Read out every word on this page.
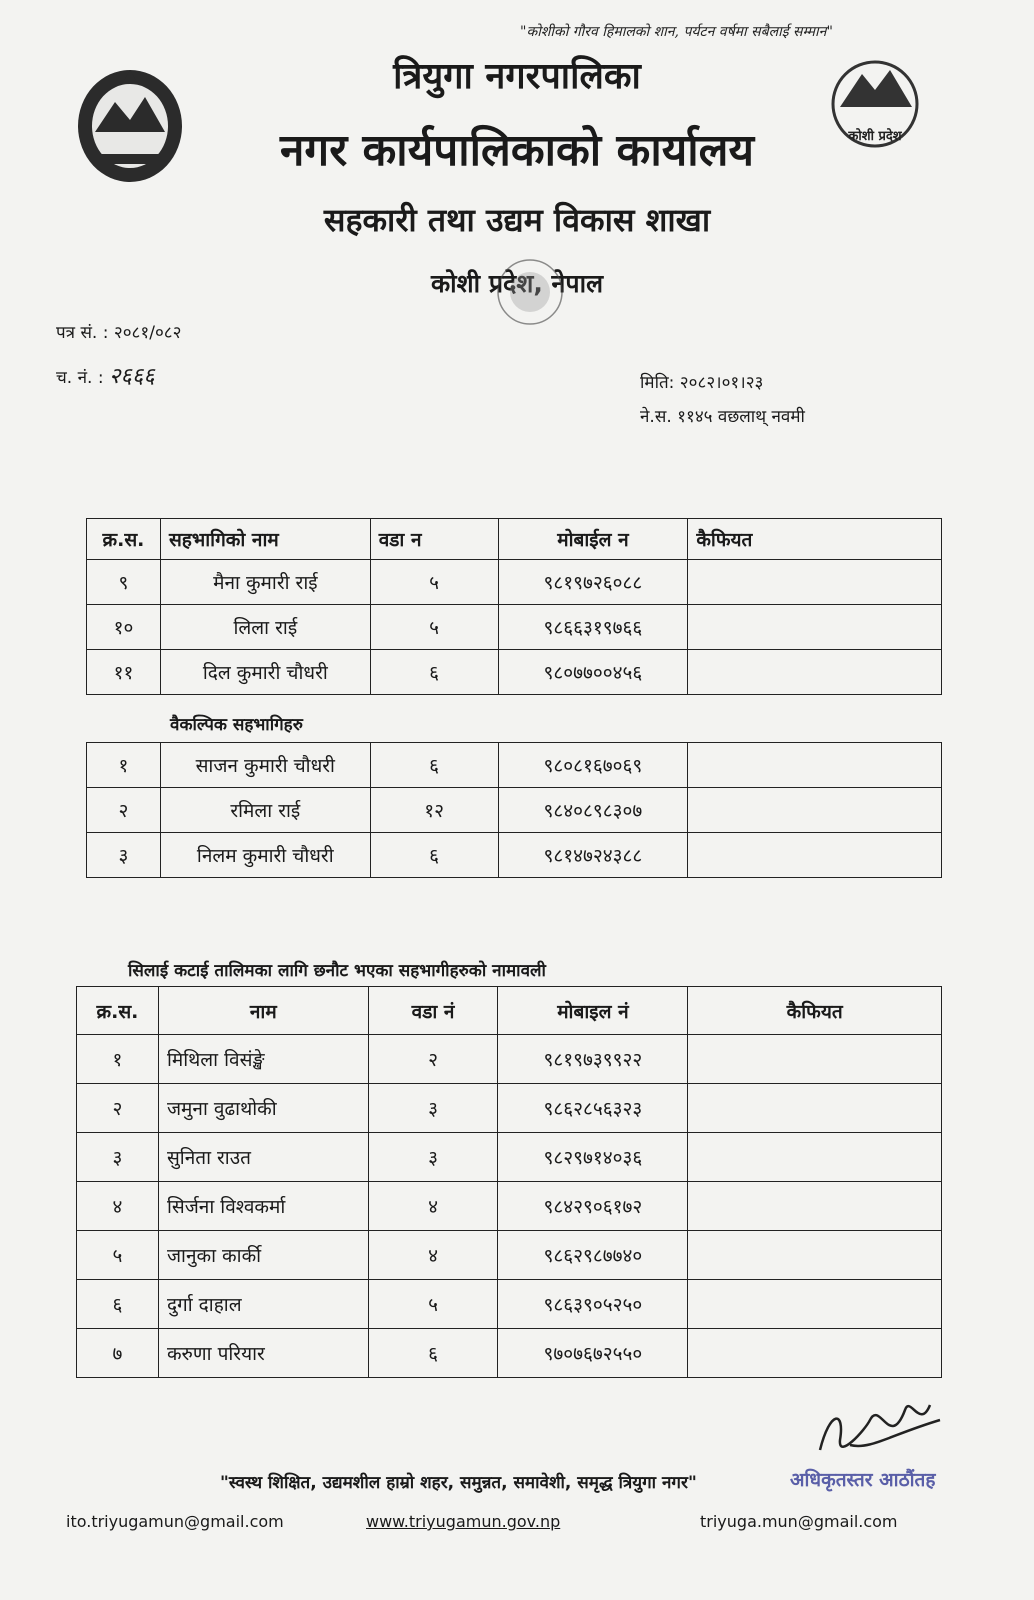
"कोशीको गौरव हिमालको शान, पर्यटन वर्षमा सबैलाई सम्मान"
त्रियुगा नगरपालिका
नगर कार्यपालिकाको कार्यालय
सहकारी तथा उद्यम विकास शाखा
कोशी प्रदेश, नेपाल
कोशी प्रदेश
पत्र सं. : २०८१/०८२
च. नं. : २६६६	मिति: २०८२।०१।२३
ने.स. ११४५ वछलाथ् नवमी
क्र.स.	सहभागिको नाम	वडा न	मोबाईल न	कैफियत
९	मैना कुमारी राई	५	९८१९७२६०८८	
१०	लिला राई	५	९८६६३१९७६६	
११	दिल कुमारी चौधरी	६	९८०७७००४५६	
वैकल्पिक सहभागिहरु
१	साजन कुमारी चौधरी	६	९८०८१६७०६९	
२	रमिला राई	१२	९८४०८९८३०७	
३	निलम कुमारी चौधरी	६	९८१४७२४३८८	
सिलाई कटाई तालिमका लागि छनौट भएका सहभागीहरुको नामावली
क्र.स.	नाम	वडा नं	मोबाइल नं	कैफियत
१	मिथिला विसंङ्खे	२	९८१९७३९९२२	
२	जमुना वुढाथोकी	३	९८६२८५६३२३	
३	सुनिता राउत	३	९८२९७१४०३६	
४	सिर्जना विश्वकर्मा	४	९८४२९०६१७२	
५	जानुका कार्की	४	९८६२९८७७४०	
६	दुर्गा दाहाल	५	९८६३९०५२५०	
७	करुणा परियार	६	९७०७६७२५५०	
"स्वस्थ शिक्षित, उद्यमशील हाम्रो शहर, समुन्नत, समावेशी, समृद्ध त्रियुगा नगर"	अधिकृतस्तर आठौंतह
ito.triyugamun@gmail.com	www.triyugamun.gov.np	triyuga.mun@gmail.com
